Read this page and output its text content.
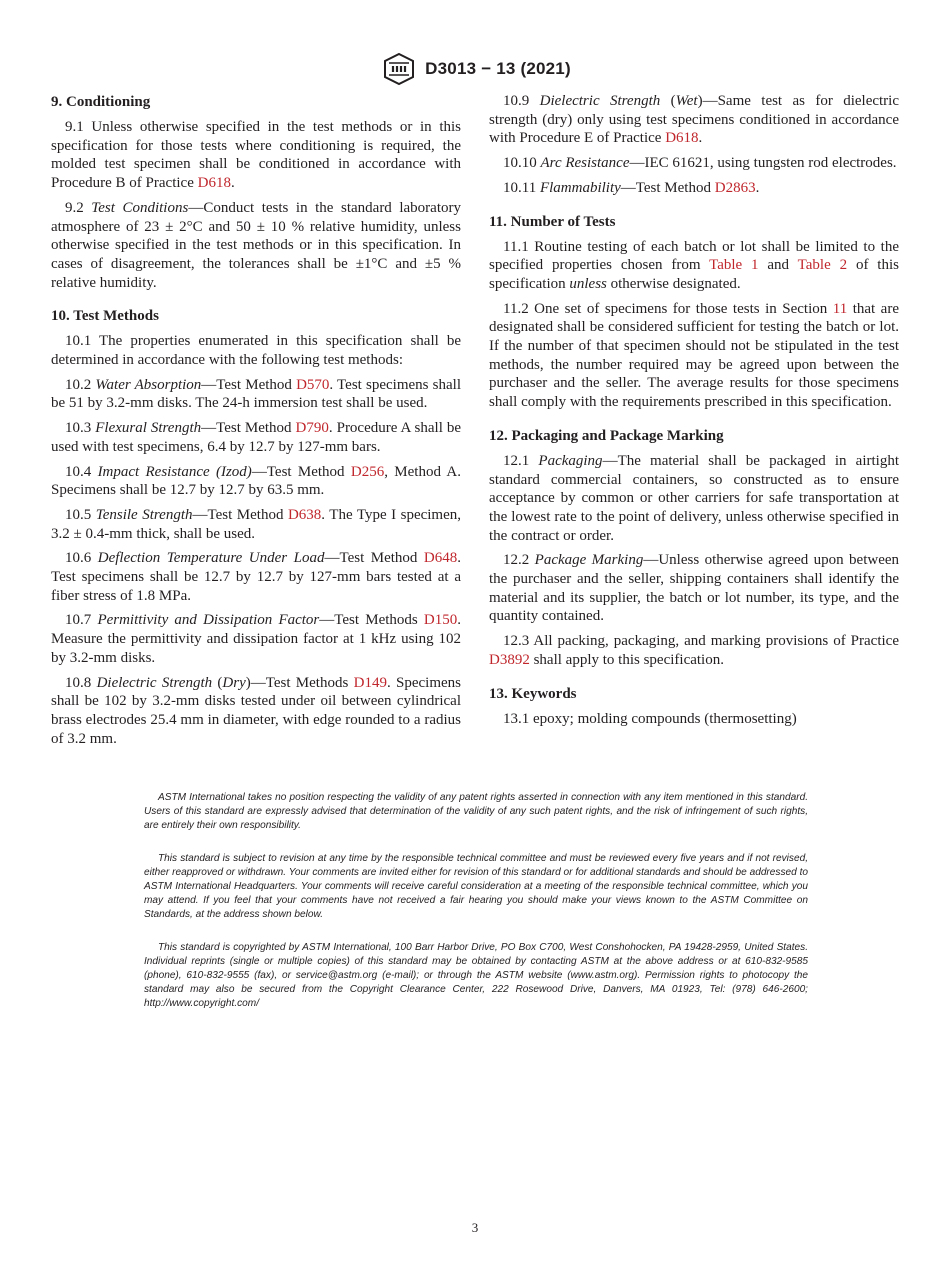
D3013 − 13 (2021)
9. Conditioning

9.1 Unless otherwise specified in the test methods or in this specification for those tests where conditioning is required, the molded test specimen shall be conditioned in accordance with Procedure B of Practice D618.

9.2 Test Conditions—Conduct tests in the standard laboratory atmosphere of 23 ± 2°C and 50 ± 10 % relative humidity, unless otherwise specified in the test methods or in this specification. In cases of disagreement, the tolerances shall be ±1°C and ±5 % relative humidity.

10. Test Methods

10.1 The properties enumerated in this specification shall be determined in accordance with the following test methods:

10.2 Water Absorption—Test Method D570. Test specimens shall be 51 by 3.2-mm disks. The 24-h immersion test shall be used.

10.3 Flexural Strength—Test Method D790. Procedure A shall be used with test specimens, 6.4 by 12.7 by 127-mm bars.

10.4 Impact Resistance (Izod)—Test Method D256, Method A. Specimens shall be 12.7 by 12.7 by 63.5 mm.

10.5 Tensile Strength—Test Method D638. The Type I specimen, 3.2 ± 0.4-mm thick, shall be used.

10.6 Deflection Temperature Under Load—Test Method D648. Test specimens shall be 12.7 by 12.7 by 127-mm bars tested at a fiber stress of 1.8 MPa.

10.7 Permittivity and Dissipation Factor—Test Methods D150. Measure the permittivity and dissipation factor at 1 kHz using 102 by 3.2-mm disks.

10.8 Dielectric Strength (Dry)—Test Methods D149. Specimens shall be 102 by 3.2-mm disks tested under oil between cylindrical brass electrodes 25.4 mm in diameter, with edge rounded to a radius of 3.2 mm.

10.9 Dielectric Strength (Wet)—Same test as for dielectric strength (dry) only using test specimens conditioned in accordance with Procedure E of Practice D618.

10.10 Arc Resistance—IEC 61621, using tungsten rod electrodes.

10.11 Flammability—Test Method D2863.

11. Number of Tests

11.1 Routine testing of each batch or lot shall be limited to the specified properties chosen from Table 1 and Table 2 of this specification unless otherwise designated.

11.2 One set of specimens for those tests in Section 11 that are designated shall be considered sufficient for testing the batch or lot. If the number of that specimen should not be stipulated in the test methods, the number required may be agreed upon between the purchaser and the seller. The average results for those specimens shall comply with the requirements prescribed in this specification.

12. Packaging and Package Marking

12.1 Packaging—The material shall be packaged in airtight standard commercial containers, so constructed as to ensure acceptance by common or other carriers for safe transportation at the lowest rate to the point of delivery, unless otherwise specified in the contract or order.

12.2 Package Marking—Unless otherwise agreed upon between the purchaser and the seller, shipping containers shall identify the material and its supplier, the batch or lot number, its type, and the quantity contained.

12.3 All packing, packaging, and marking provisions of Practice D3892 shall apply to this specification.

13. Keywords

13.1 epoxy; molding compounds (thermosetting)

ASTM International takes no position respecting the validity of any patent rights asserted in connection with any item mentioned in this standard. Users of this standard are expressly advised that determination of the validity of any such patent rights, and the risk of infringement of such rights, are entirely their own responsibility.
This standard is subject to revision at any time by the responsible technical committee and must be reviewed every five years and if not revised, either reapproved or withdrawn. Your comments are invited either for revision of this standard or for additional standards and should be addressed to ASTM International Headquarters. Your comments will receive careful consideration at a meeting of the responsible technical committee, which you may attend. If you feel that your comments have not received a fair hearing you should make your views known to the ASTM Committee on Standards, at the address shown below.
This standard is copyrighted by ASTM International, 100 Barr Harbor Drive, PO Box C700, West Conshohocken, PA 19428-2959, United States. Individual reprints (single or multiple copies) of this standard may be obtained by contacting ASTM at the above address or at 610-832-9585 (phone), 610-832-9555 (fax), or service@astm.org (e-mail); or through the ASTM website (www.astm.org). Permission rights to photocopy the standard may also be secured from the Copyright Clearance Center, 222 Rosewood Drive, Danvers, MA 01923, Tel: (978) 646-2600; http://www.copyright.com/
3
